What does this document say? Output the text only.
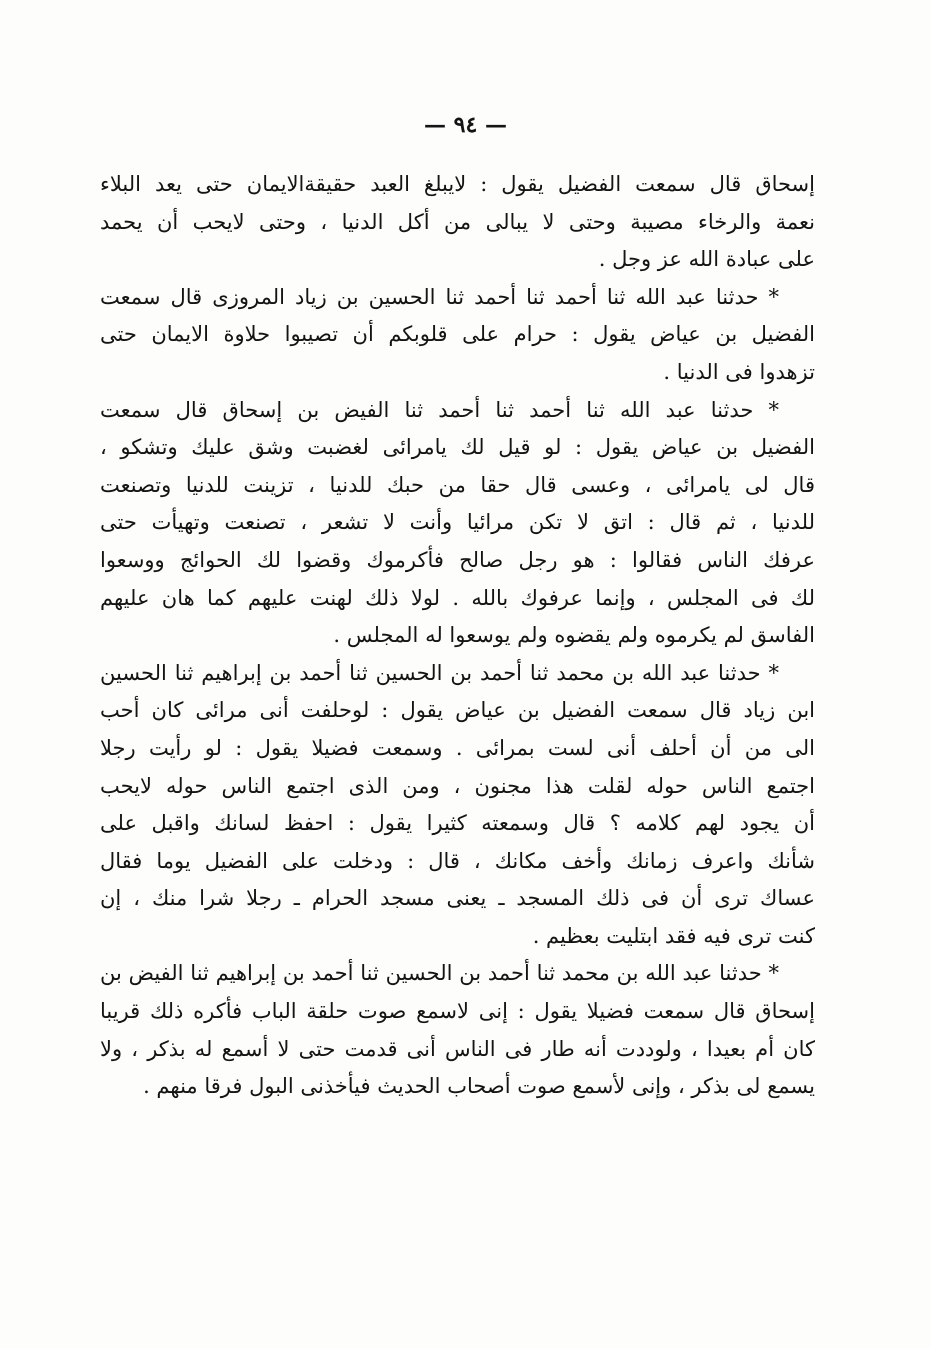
— ٩٤ —
إسحاق قال سمعت الفضيل يقول : لايبلغ العبد حقيقةالايمان حتى يعد البلاء
نعمة والرخاء مصيبة وحتى لا يبالى من أكل الدنيا ، وحتى لايحب أن يحمد
على عبادة الله عز وجل .
* حدثنا عبد الله ثنا أحمد ثنا أحمد ثنا الحسين بن زياد المروزى قال سمعت
الفضيل بن عياض يقول : حرام على قلوبكم أن تصيبوا حلاوة الايمان حتى
تزهدوا فى الدنيا .
* حدثنا عبد الله ثنا أحمد ثنا أحمد ثنا الفيض بن إسحاق قال سمعت
الفضيل بن عياض يقول : لو قيل لك يامرائى لغضبت وشق عليك وتشكو ،
قال لى يامرائى ، وعسى قال حقا من حبك للدنيا ، تزينت للدنيا وتصنعت
للدنيا ، ثم قال : اتق لا تكن مرائيا وأنت لا تشعر ، تصنعت وتهيأت حتى
عرفك الناس فقالوا : هو رجل صالح فأكرموك وقضوا لك الحوائج ووسعوا
لك فى المجلس ، وإنما عرفوك بالله . لولا ذلك لهنت عليهم كما هان عليهم
الفاسق لم يكرموه ولم يقضوه ولم يوسعوا له المجلس .
* حدثنا عبد الله بن محمد ثنا أحمد بن الحسين ثنا أحمد بن إبراهيم ثنا الحسين
ابن زياد قال سمعت الفضيل بن عياض يقول : لوحلفت أنى مرائى كان أحب
الى من أن أحلف أنى لست بمرائى . وسمعت فضيلا يقول : لو رأيت رجلا
اجتمع الناس حوله لقلت هذا مجنون ، ومن الذى اجتمع الناس حوله لايحب
أن يجود لهم كلامه ؟ قال وسمعته كثيرا يقول : احفظ لسانك واقبل على
شأنك واعرف زمانك وأخف مكانك ، قال : ودخلت على الفضيل يوما فقال
عساك ترى أن فى ذلك المسجد ـ يعنى مسجد الحرام ـ رجلا شرا منك ، إن
كنت ترى فيه فقد ابتليت بعظيم .
* حدثنا عبد الله بن محمد ثنا أحمد بن الحسين ثنا أحمد بن إبراهيم ثنا الفيض بن
إسحاق قال سمعت فضيلا يقول : إنى لاسمع صوت حلقة الباب فأكره ذلك قريبا
كان أم بعيدا ، ولوددت أنه طار فى الناس أنى قدمت حتى لا أسمع له بذكر ، ولا
يسمع لى بذكر ، وإنى لأسمع صوت أصحاب الحديث فيأخذنى البول فرقا منهم .
